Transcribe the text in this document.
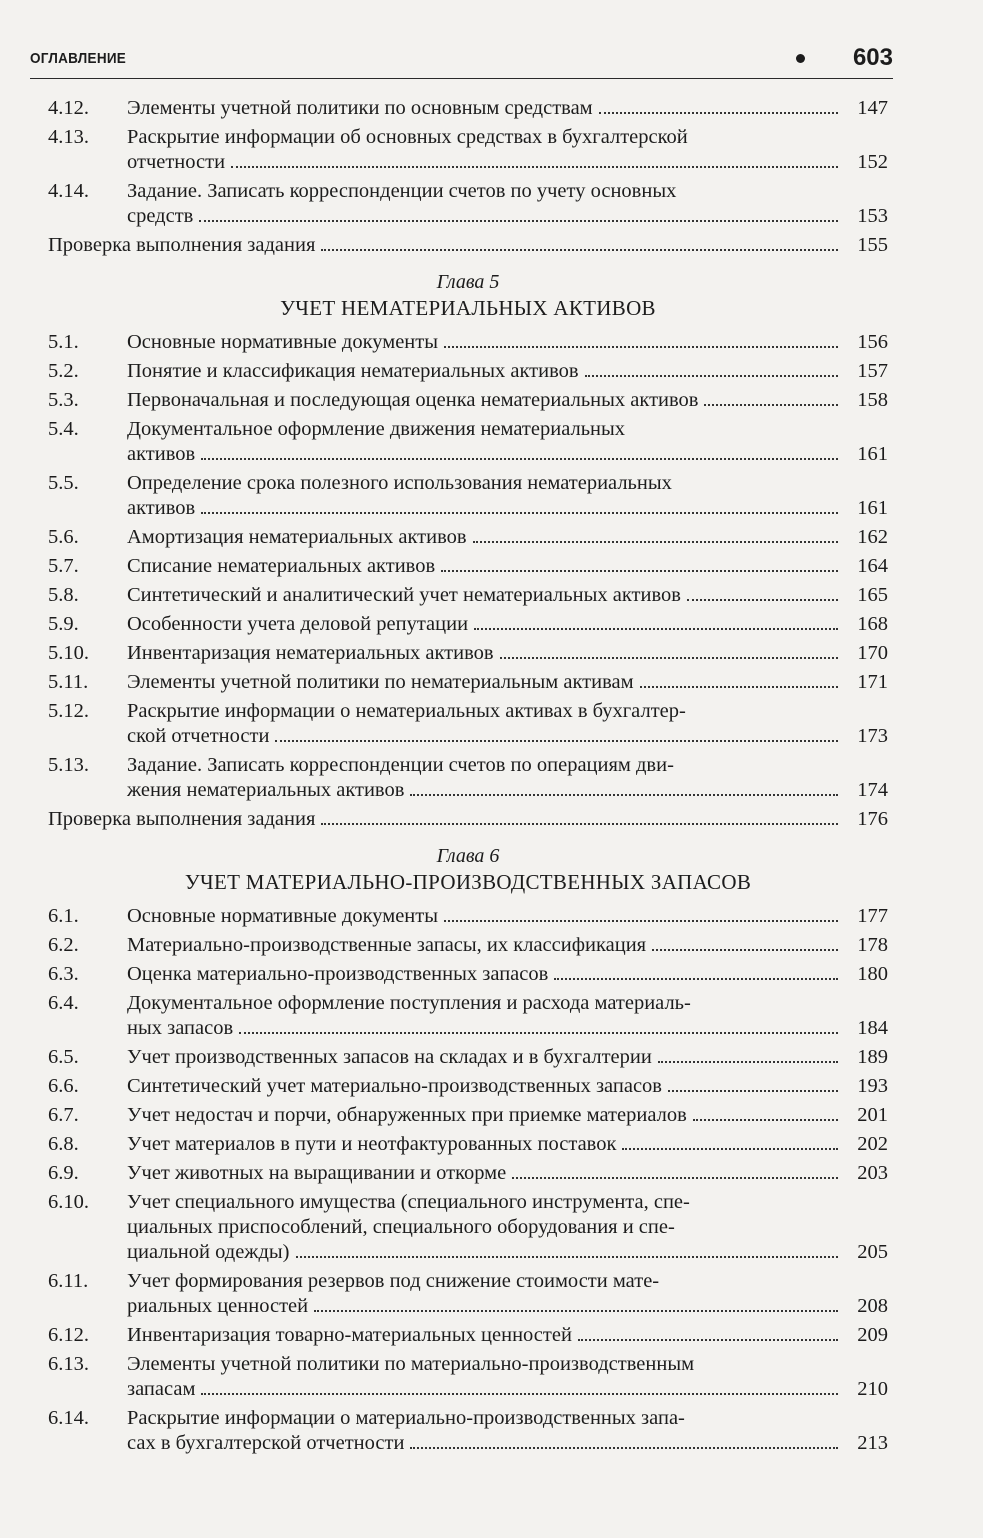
ОГЛАВЛЕНИЕ	603
4.12.	Элементы учетной политики по основным средствам	147
4.13.	Раскрытие информации об основных средствах в бухгалтерской
отчетности	152
4.14.	Задание. Записать корреспонденции счетов по учету основных
средств	153
Проверка выполнения задания	155
Глава 5
УЧЕТ НЕМАТЕРИАЛЬНЫХ АКТИВОВ
5.1.	Основные нормативные документы	156
5.2.	Понятие и классификация нематериальных активов	157
5.3.	Первоначальная и последующая оценка нематериальных активов	158
5.4.	Документальное оформление движения нематериальных
активов	161
5.5.	Определение срока полезного использования нематериальных
активов	161
5.6.	Амортизация нематериальных активов	162
5.7.	Списание нематериальных активов	164
5.8.	Синтетический и аналитический учет нематериальных активов	165
5.9.	Особенности учета деловой репутации	168
5.10.	Инвентаризация нематериальных активов	170
5.11.	Элементы учетной политики по нематериальным активам	171
5.12.	Раскрытие информации о нематериальных активах в бухгалтер-
ской отчетности	173
5.13.	Задание. Записать корреспонденции счетов по операциям дви-
жения нематериальных активов	174
Проверка выполнения задания	176
Глава 6
УЧЕТ МАТЕРИАЛЬНО-ПРОИЗВОДСТВЕННЫХ ЗАПАСОВ
6.1.	Основные нормативные документы	177
6.2.	Материально-производственные запасы, их классификация	178
6.3.	Оценка материально-производственных запасов	180
6.4.	Документальное оформление поступления и расхода материаль-
ных запасов	184
6.5.	Учет производственных запасов на складах и в бухгалтерии	189
6.6.	Синтетический учет материально-производственных запасов	193
6.7.	Учет недостач и порчи, обнаруженных при приемке материалов	201
6.8.	Учет материалов в пути и неотфактурованных поставок	202
6.9.	Учет животных на выращивании и откорме	203
6.10.	Учет специального имущества (специального инструмента, спе-
циальных приспособлений, специального оборудования и спе-
циальной одежды)	205
6.11.	Учет формирования резервов под снижение стоимости мате-
риальных ценностей	208
6.12.	Инвентаризация товарно-материальных ценностей	209
6.13.	Элементы учетной политики по материально-производственным
запасам	210
6.14.	Раскрытие информации о материально-производственных запа-
сах в бухгалтерской отчетности	213
